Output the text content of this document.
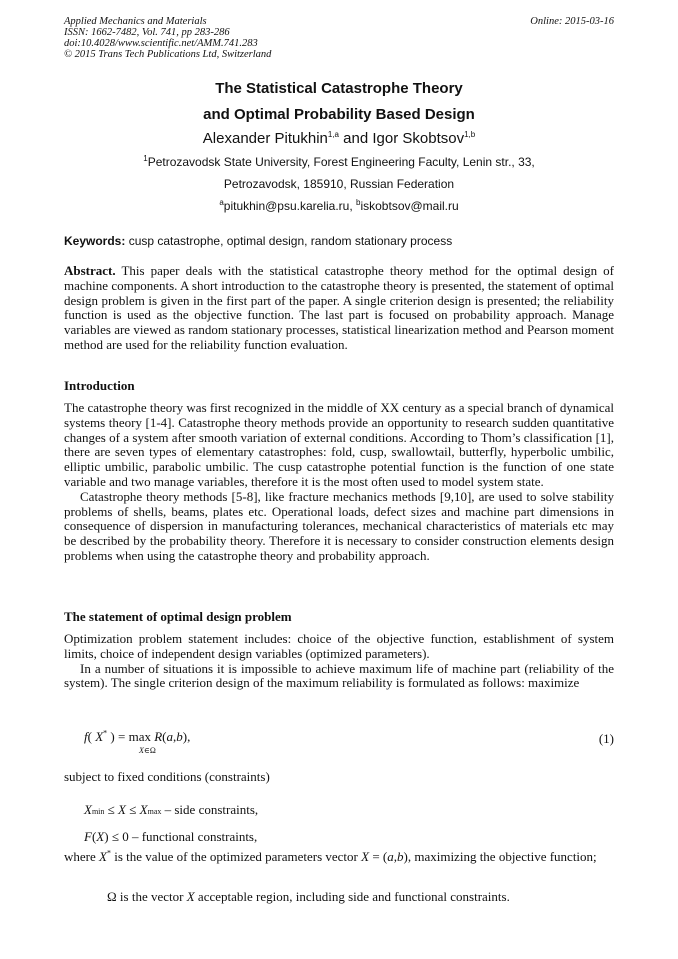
Applied Mechanics and Materials
ISSN: 1662-7482, Vol. 741, pp 283-286
doi:10.4028/www.scientific.net/AMM.741.283
© 2015 Trans Tech Publications Ltd, Switzerland
Online: 2015-03-16
The Statistical Catastrophe Theory
and Optimal Probability Based Design
Alexander Pitukhin$^{1,a}$ and Igor Skobtsov$^{1,b}$
$^1$Petrozavodsk State University, Forest Engineering Faculty, Lenin str., 33,
Petrozavodsk, 185910, Russian Federation
$^a$pitukhin@psu.karelia.ru, $^b$iskobtsov@mail.ru
Keywords: cusp catastrophe, optimal design, random stationary process

Abstract. This paper deals with the statistical catastrophe theory method for the optimal design of machine components. A short introduction to the catastrophe theory is presented, the statement of optimal design problem is given in the first part of the paper. A single criterion design is presented; the reliability function is used as the objective function. The last part is focused on probability approach. Manage variables are viewed as random stationary processes, statistical linearization method and Pearson moment method are used for the reliability function evaluation.

Introduction

The catastrophe theory was first recognized in the middle of XX century as a special branch of dynamical systems theory [1-4]. Catastrophe theory methods provide an opportunity to research sudden quantitative changes of a system after smooth variation of external conditions. According to Thom’s classification [1], there are seven types of elementary catastrophes: fold, cusp, swallowtail, butterfly, hyperbolic umbilic, elliptic umbilic, parabolic umbilic. The cusp catastrophe potential function is the function of one state variable and two manage variables, therefore it is the most often used to model system state.

Catastrophe theory methods [5-8], like fracture mechanics methods [9,10], are used to solve stability problems of shells, beams, plates etc. Operational loads, defect sizes and machine part dimensions in consequence of dispersion in manufacturing tolerances, mechanical characteristics of materials etc may be described by the probability theory. Therefore it is necessary to consider construction elements design problems when using the catastrophe theory and probability approach.

The statement of optimal design problem

Optimization problem statement includes: choice of the objective function, establishment of system limits, choice of independent design variables (optimized parameters).

In a number of situations it is impossible to achieve maximum life of machine part (reliability of the system). The single criterion design of the maximum reliability is formulated as follows: maximize

f( X* ) = max R(a,b),
X∈Ω
(1)
subject to fixed conditions (constraints)
Xmin ≤ X ≤ Xmax – side constraints,
F(X) ≤ 0 – functional constraints,

where X* is the value of the optimized parameters vector X = (a,b), maximizing the objective function;

Ω is the vector X acceptable region, including side and functional constraints.
